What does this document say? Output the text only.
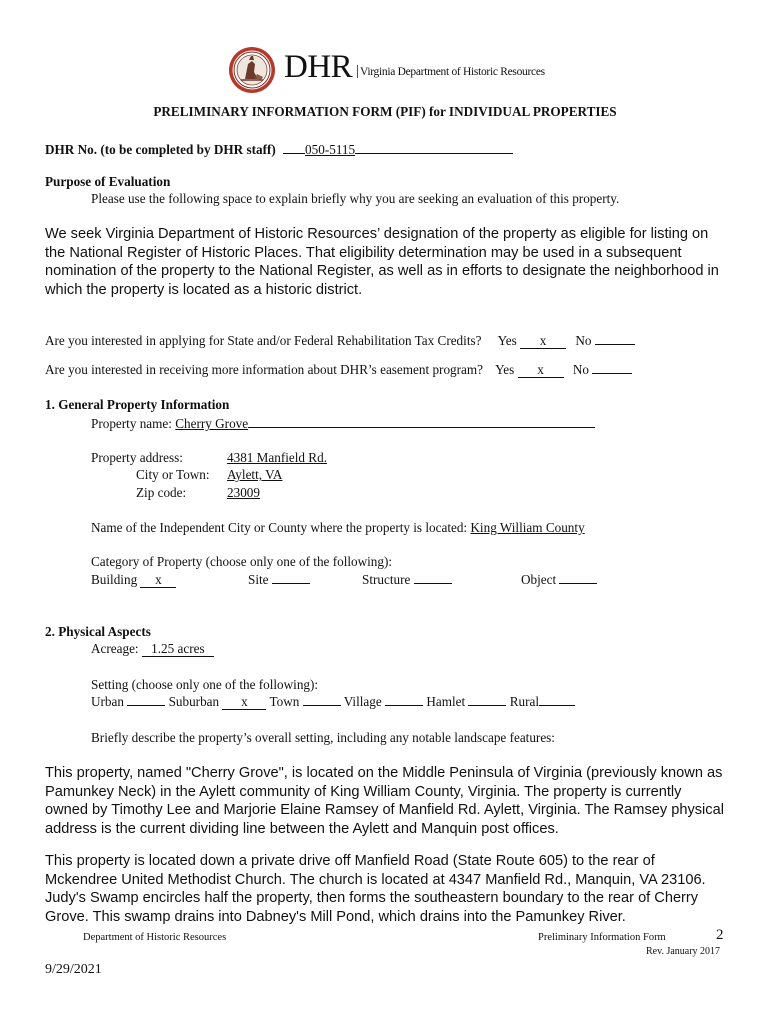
DHR | Virginia Department of Historic Resources
PRELIMINARY INFORMATION FORM (PIF) for INDIVIDUAL PROPERTIES
DHR No. (to be completed by DHR staff) 050-5115
Purpose of Evaluation
Please use the following space to explain briefly why you are seeking an evaluation of this property.
We seek Virginia Department of Historic Resources’ designation of the property as eligible for listing on the National Register of Historic Places. That eligibility determination may be used in a subsequent nomination of the property to the National Register, as well as in efforts to designate the neighborhood in which the property is located as a historic district.
Are you interested in applying for State and/or Federal Rehabilitation Tax Credits? Yes x No
Are you interested in receiving more information about DHR’s easement program? Yes x No
1. General Property Information
Property name: Cherry Grove
Property address:	4381 Manfield Rd.
City or Town: Aylett, VA
Zip code:	23009
Name of the Independent City or County where the property is located: King William County
Category of Property (choose only one of the following):
Building x	Site	Structure	Object
2. Physical Aspects
Acreage: 1.25 acres
Setting (choose only one of the following):
Urban	Suburban x Town	Village	Hamlet	Rural
Briefly describe the property’s overall setting, including any notable landscape features:
This property, named "Cherry Grove", is located on the Middle Peninsula of Virginia (previously known as Pamunkey Neck) in the Aylett community of King William County, Virginia. The property is currently owned by Timothy Lee and Marjorie Elaine Ramsey of Manfield Rd. Aylett, Virginia. The Ramsey physical address is the current dividing line between the Aylett and Manquin post offices.
This property is located down a private drive off Manfield Road (State Route 605) to the rear of Mckendree United Methodist Church. The church is located at 4347 Manfield Rd., Manquin, VA 23106. Judy's Swamp encircles half the property, then forms the southeastern boundary to the rear of Cherry Grove. This swamp drains into Dabney's Mill Pond, which drains into the Pamunkey River.
Department of Historic Resources	Preliminary Information Form	2
Rev. January 2017
9/29/2021
